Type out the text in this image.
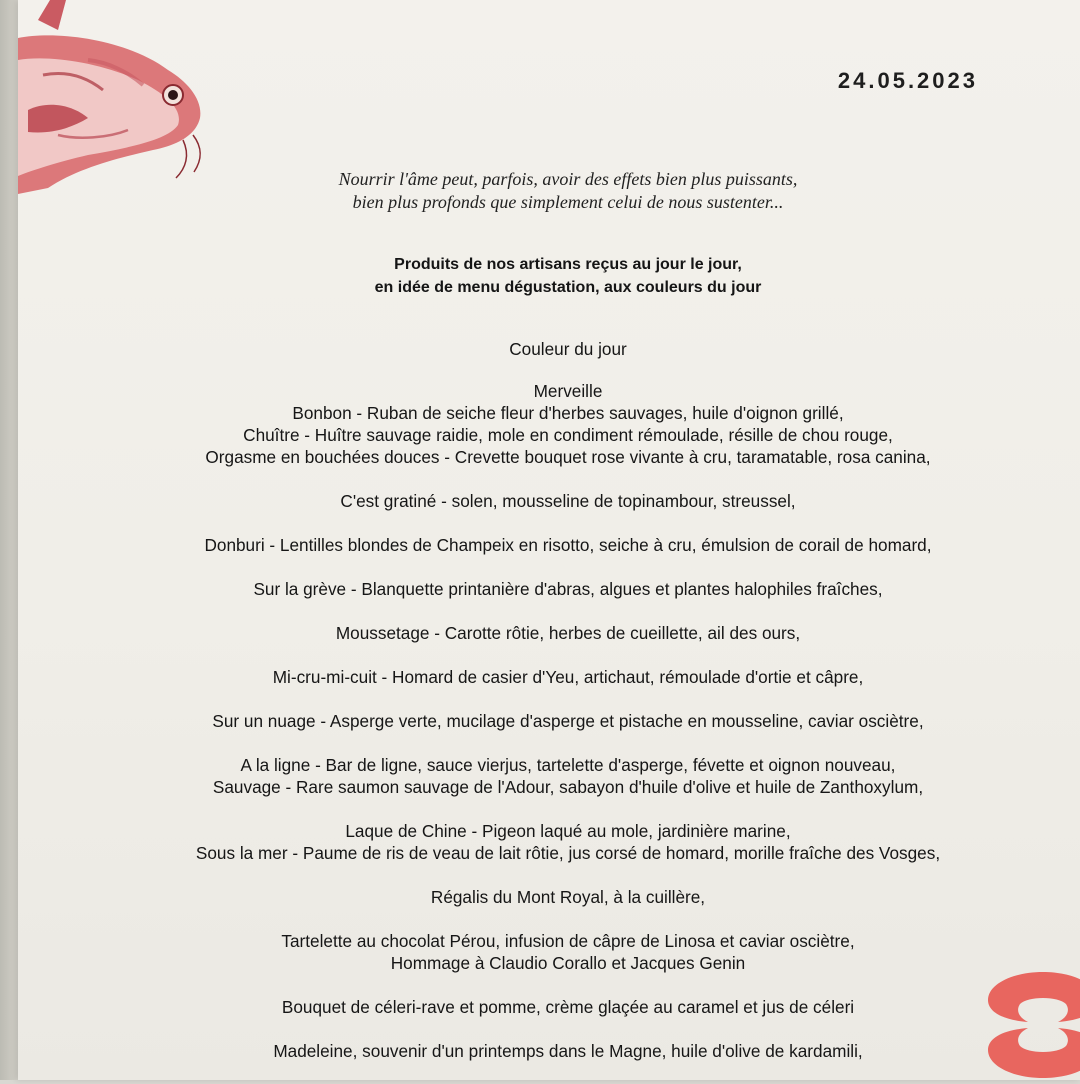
24.05.2023
Nourrir l'âme peut, parfois, avoir des effets bien plus puissants,
bien plus profonds que simplement celui de nous sustenter...
Produits de nos artisans reçus au jour le jour,
en idée de menu dégustation, aux couleurs du jour

Couleur du jour

Merveille

Bonbon - Ruban de seiche fleur d'herbes sauvages, huile d'oignon grillé,

Chuître - Huître sauvage raidie, mole en condiment rémoulade, résille de chou rouge,

Orgasme en bouchées douces - Crevette bouquet rose vivante à cru, taramatable, rosa canina,

C'est gratiné - solen, mousseline de topinambour, streussel,

Donburi - Lentilles blondes de Champeix en risotto, seiche à cru, émulsion de corail de homard,

Sur la grève - Blanquette printanière d'abras, algues et plantes halophiles fraîches,

Moussetage - Carotte rôtie, herbes de cueillette, ail des ours,

Mi-cru-mi-cuit - Homard de casier d'Yeu, artichaut, rémoulade d'ortie et câpre,

Sur un nuage - Asperge verte, mucilage d'asperge et pistache en mousseline, caviar osciètre,

A la ligne - Bar de ligne, sauce vierjus, tartelette d'asperge, févette et oignon nouveau,

Sauvage - Rare saumon sauvage de l'Adour, sabayon d'huile d'olive et huile de Zanthoxylum,

Laque de Chine - Pigeon laqué au mole, jardinière marine,

Sous la mer - Paume de ris de veau de lait rôtie, jus corsé de homard, morille fraîche des Vosges,

Régalis du Mont Royal, à la cuillère,

Tartelette au chocolat Pérou, infusion de câpre de Linosa et caviar osciètre,

Hommage à Claudio Corallo et Jacques Genin

Bouquet de céleri-rave et pomme, crème glaçée au caramel et jus de céleri

Madeleine, souvenir d'un printemps dans le Magne, huile d'olive de kardamili,
